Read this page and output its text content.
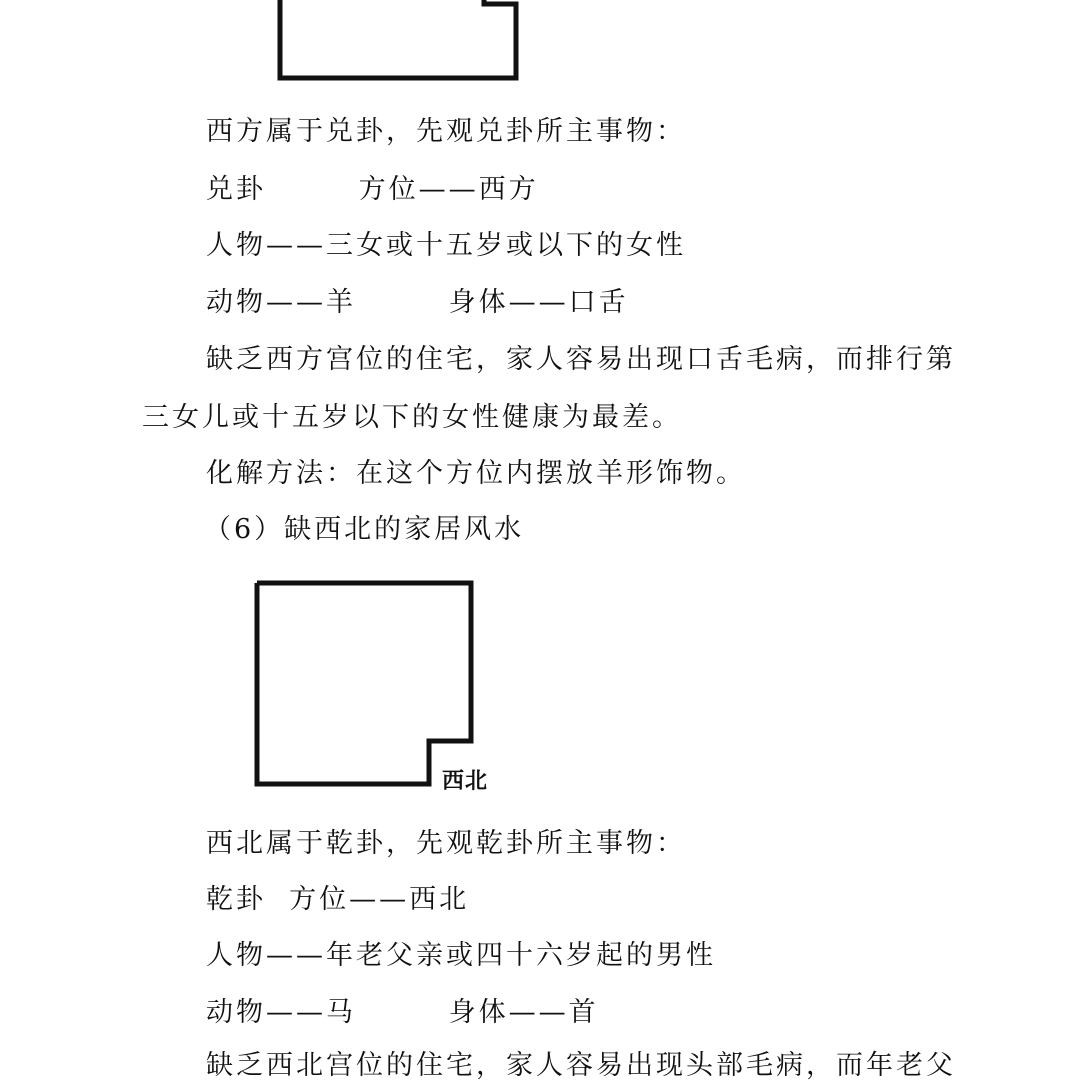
西方属于兑卦，先观兑卦所主事物：
兑卦        方位——西方
人物——三女或十五岁或以下的女性
动物——羊        身体——口舌
缺乏西方宫位的住宅，家人容易出现口舌毛病，而排行第
三女儿或十五岁以下的女性健康为最差。
化解方法：在这个方位内摆放羊形饰物。
（6）缺西北的家居风水
西北
西北属于乾卦，先观乾卦所主事物：
乾卦  方位——西北
人物——年老父亲或四十六岁起的男性
动物——马        身体——首
缺乏西北宫位的住宅，家人容易出现头部毛病，而年老父
